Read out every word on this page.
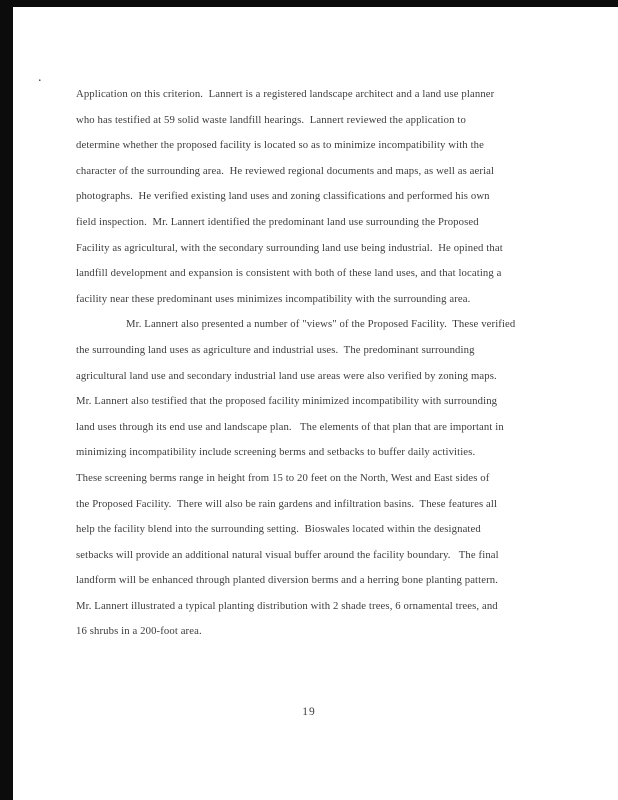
.
Application on this criterion.  Lannert is a registered landscape architect and a land use planner
who has testified at 59 solid waste landfill hearings.  Lannert reviewed the application to
determine whether the proposed facility is located so as to minimize incompatibility with the
character of the surrounding area.  He reviewed regional documents and maps, as well as aerial
photographs.  He verified existing land uses and zoning classifications and performed his own
field inspection.  Mr. Lannert identified the predominant land use surrounding the Proposed
Facility as agricultural, with the secondary surrounding land use being industrial.  He opined that
landfill development and expansion is consistent with both of these land uses, and that locating a
facility near these predominant uses minimizes incompatibility with the surrounding area.
Mr. Lannert also presented a number of "views" of the Proposed Facility.  These verified
the surrounding land uses as agriculture and industrial uses.  The predominant surrounding
agricultural land use and secondary industrial land use areas were also verified by zoning maps.
Mr. Lannert also testified that the proposed facility minimized incompatibility with surrounding
land uses through its end use and landscape plan.   The elements of that plan that are important in
minimizing incompatibility include screening berms and setbacks to buffer daily activities.
These screening berms range in height from 15 to 20 feet on the North, West and East sides of
the Proposed Facility.  There will also be rain gardens and infiltration basins.  These features all
help the facility blend into the surrounding setting.  Bioswales located within the designated
setbacks will provide an additional natural visual buffer around the facility boundary.   The final
landform will be enhanced through planted diversion berms and a herring bone planting pattern.
Mr. Lannert illustrated a typical planting distribution with 2 shade trees, 6 ornamental trees, and
16 shrubs in a 200-foot area.
19
